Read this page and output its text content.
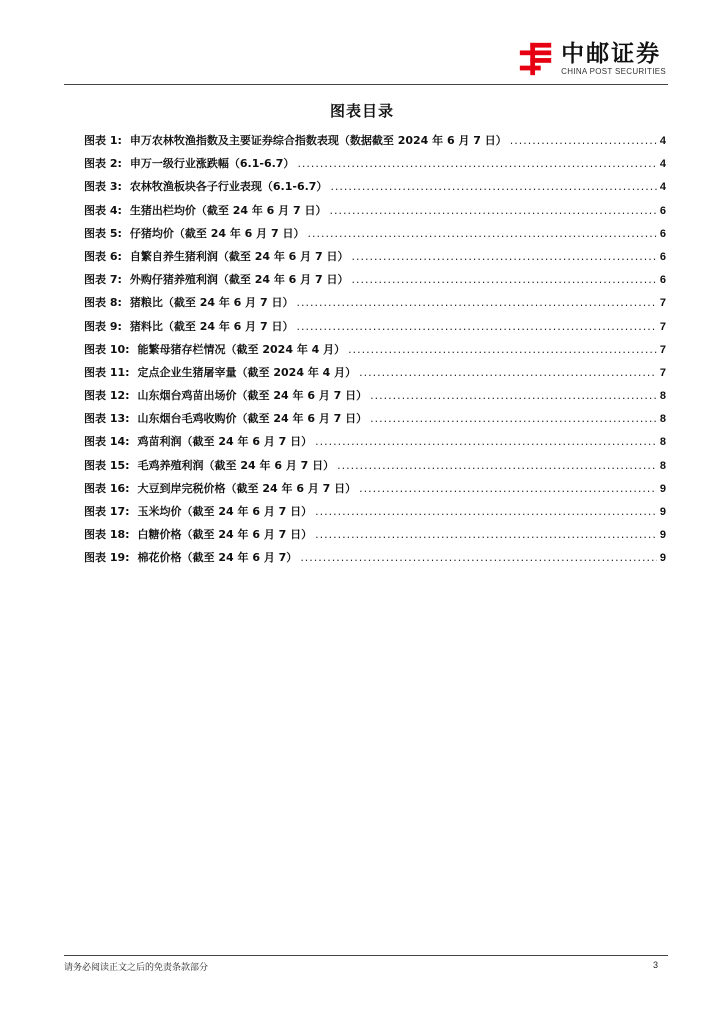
中邮证券
CHINA POST SECURITIES
图表目录
图表 1: 申万农林牧渔指数及主要证券综合指数表现（数据截至 2024 年 6 月 7 日） .....	4
图表 2: 申万一级行业涨跌幅（6.1-6.7） .....	4
图表 3: 农林牧渔板块各子行业表现（6.1-6.7） .....	4
图表 4: 生猪出栏均价（截至 24 年 6 月 7 日） .....	6
图表 5: 仔猪均价（截至 24 年 6 月 7 日） .....	6
图表 6: 自繁自养生猪利润（截至 24 年 6 月 7 日） .....	6
图表 7: 外购仔猪养殖利润（截至 24 年 6 月 7 日） .....	6
图表 8: 猪粮比（截至 24 年 6 月 7 日） .....	7
图表 9: 猪料比（截至 24 年 6 月 7 日） .....	7
图表 10: 能繁母猪存栏情况（截至 2024 年 4 月） .....	7
图表 11: 定点企业生猪屠宰量（截至 2024 年 4 月） .....	7
图表 12: 山东烟台鸡苗出场价（截至 24 年 6 月 7 日） .....	8
图表 13: 山东烟台毛鸡收购价（截至 24 年 6 月 7 日） .....	8
图表 14: 鸡苗利润（截至 24 年 6 月 7 日） .....	8
图表 15: 毛鸡养殖利润（截至 24 年 6 月 7 日） .....	8
图表 16: 大豆到岸完税价格（截至 24 年 6 月 7 日） .....	9
图表 17: 玉米均价（截至 24 年 6 月 7 日） .....	9
图表 18: 白糖价格（截至 24 年 6 月 7 日） .....	9
图表 19: 棉花价格（截至 24 年 6 月 7） .....	9
请务必阅读正文之后的免责条款部分	3
